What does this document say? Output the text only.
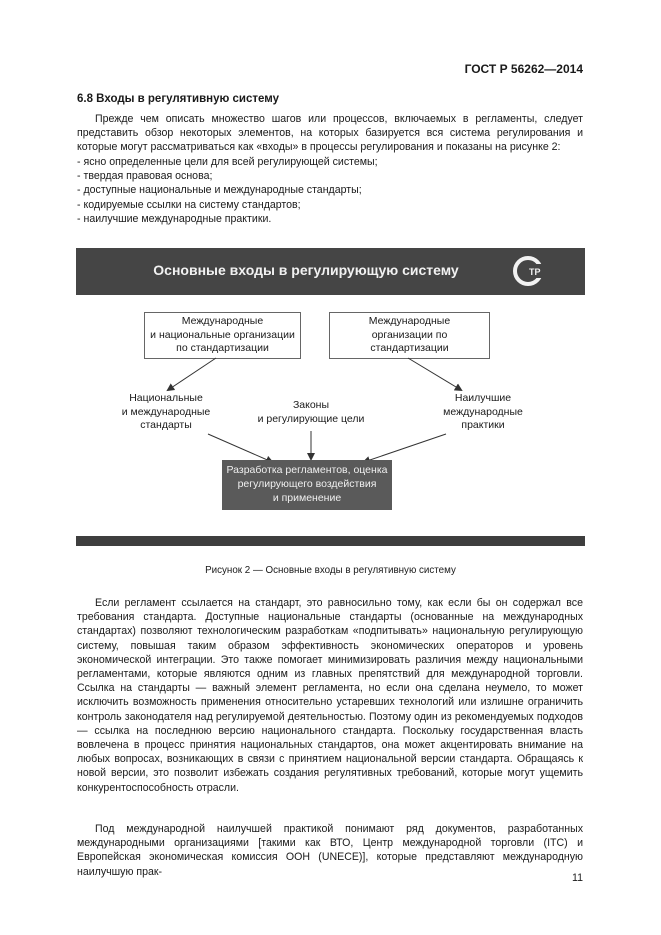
ГОСТ Р 56262—2014
6.8 Входы в регулятивную систему
Прежде чем описать множество шагов или процессов, включаемых в регламенты, следует представить обзор некоторых элементов, на которых базируется вся система регулирования и которые могут рассматриваться как «входы» в процессы регулирования и показаны на рисунке 2:
- ясно определенные цели для всей регулирующей системы;
- твердая правовая основа;
- доступные национальные и международные стандарты;
- кодируемые ссылки на систему стандартов;
- наилучшие международные практики.
Основные входы в регулирующую систему	ТР
Международные
и национальные организации
по стандартизации
Международные
организации по
стандартизации
Национальные
и международные
стандарты
Законы
и регулирующие цели
Наилучшие
международные
практики
Разработка регламентов, оценка
регулирующего воздействия
и применение
Рисунок 2 — Основные входы в регулятивную систему
Если регламент ссылается на стандарт, это равносильно тому, как если бы он содержал все требования стандарта. Доступные национальные стандарты (основанные на международных стандартах) позволяют технологическим разработкам «подпитывать» национальную регулирующую систему, повышая таким образом эффективность экономических операторов и уровень экономической интеграции. Это также помогает минимизировать различия между национальными регламентами, которые являются одним из главных препятствий для международной торговли. Ссылка на стандарты — важный элемент регламента, но если она сделана неумело, то может исключить возможность применения относительно устаревших технологий или излишне ограничить контроль законодателя над регулируемой деятельностью. Поэтому один из рекомендуемых подходов — ссылка на последнюю версию национального стандарта. Поскольку государственная власть вовлечена в процесс принятия национальных стандартов, она может акцентировать внимание на любых вопросах, возникающих в связи с принятием национальной версии стандарта. Обращаясь к новой версии, это позволит избежать создания регулятивных требований, которые могут ущемить конкурентоспособность отрасли.
Под международной наилучшей практикой понимают ряд документов, разработанных международными организациями [такими как ВТО, Центр международной торговли (ITC) и Европейская экономическая комиссия ООН (UNECE)], которые представляют международную наилучшую прак-
11
